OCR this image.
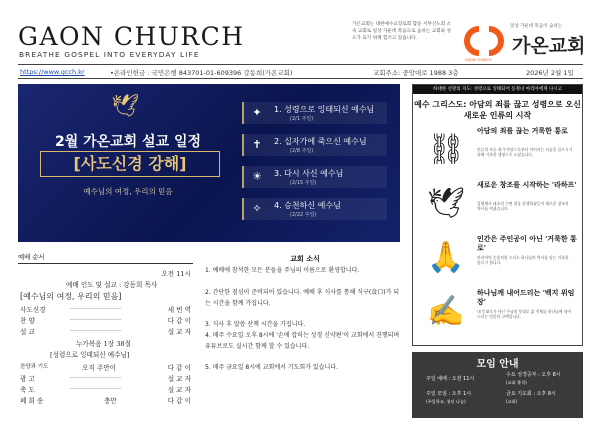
GAON CHURCH
BREATHE GOSPEL INTO EVERYDAY LIFE
가온교회는 대한예수교장로회 합동 서부산노회 소속 교회로 일상 가운데 복음으로 숨쉬는 교회와 성도가 되기 위해 힘쓰고 있습니다.
일상 가운데 복음이 숨쉬는
가온교회
GAON CHURCH
https://www.gcch.kr	•온라인헌금 : 국민은행 843701-01-609396 강동희(가온교회)	교회주소: 중앙대로 1988 3층	2026년 2월 1일
🕊
2월 가온교회 설교 일정
[사도신경 강해]
예수님의 여정, 우리의 믿음
✦ 1. 성령으로 잉태되신 예수님
(2/1 주일)
✝ 2. 십자가에 죽으신 예수님
(2/8 주일)
☀ 3. 다시 사신 예수님
(2/15 주일)
✧ 4. 승천하신 예수님
(2/22 주일)
하대한 선망의 지도: 성령으로 잉태되어 동정녀 마리아에게 나시고
예수 그리스도: 아담의 죄를 끊고 성령으로 오신 새로운 인류의 시작
⛓
아담의 죄를 끊는 거룩한 통로
인류의 모든 죄가 아담으로부터 이어지는 사슬을 끊으시기 위해 거룩한 생명으로 오셨습니다.
🕊
새로운 창조를 시작하는 '라하프'
성령께서 태초의 수면 위를 운행하셨듯이 새로운 창조의 역사를 여셨습니다.
🙏
인간은 주인공이 아닌 '거룩한 통로'
마리아의 순종처럼 우리도 하나님의 역사를 담는 거룩한 통로가 됩니다.
✍
하나님께 내어드리는 '백지 위임장'
내 뜻대로가 아닌 주님의 뜻대로 삶 전체를 하나님께 내어드리는 믿음의 고백입니다.
모임 안내
주일 예배 : 오전 11시
주일 모임 : 오후 1시
(주일학교, 청년 나눔)
수요 성경공부 : 오후 8시
(교회 출석)
금요 기도회 : 오후 8시
(교회)
예배 순서
오전 11시
예배 인도 및 설교 : 강동희 목사
[예수님의 여정, 우리의 믿음]
사도신경	-----------------------	새 번 역
찬 양	-----------------------	다 같 이
설 교	-----------------------	설 교 자
누가복음 1장 38절
[성령으로 잉태되신 예수님]
찬양과 기도	오직 주만이	다 같 이
광 고	-----------------------	설 교 자
축 도	-----------------------	설 교 자
폐 회 송	충만	다 같 이
교회 소식

1. 예배에 참석한 모든 분들을 주님의 이름으로 환영합니다.

2. 간단한 점심이 준비되어 있습니다. 예배 후 식사를 통해 식구(食口)가 되는 시간을 함께 가집니다.

3. 식사 후 말씀 산책 시간을 가집니다.

4. 매주 수요일 오후 8시에 '손에 잡히는 성경 신약편'이 교회에서 진행되며 유튜브로도 실시간 함께 할 수 있습니다.

5. 매주 금요일 8시에 교회에서 기도회가 있습니다.
